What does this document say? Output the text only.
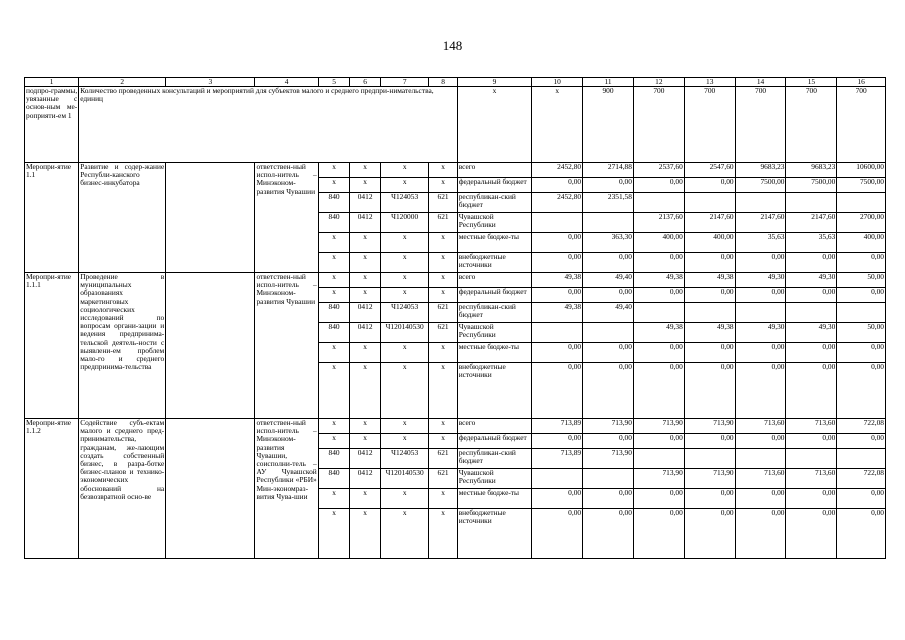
148
1	2	3	4	5	6	7	8	9	10	11	12	13	14	15	16
подпро-граммы, увязанные с основ-ным ме-роприяти-ем 1	Количество проведенных консультаций и мероприятий для субъектов малого и среднего предпри-нимательства, единиц							х	х	900	700	700	700	700	700
Меропри-ятие 1.1	Развитие и содер-жание Республи-канского бизнес-инкубатора		ответствен-ный испол-нитель – Минэконом-развития Чувашии	х	х	х	х	всего	2452,80	2714,88	2537,60	2547,60	9683,23	9683,23	10600,00
				х	х	х	х	федеральный бюджет	0,00	0,00	0,00	0,00	7500,00	7500,00	7500,00
				840	0412	Ч124053	621	республикан-ский бюджет	2452,80	2351,58					
				840	0412	Ч120000	621	Чувашской Республики			2137,60	2147,60	2147,60	2147,60	2700,00
				х	х	х	х	местные бюдже-ты	0,00	363,30	400,00	400,00	35,63	35,63	400,00
				х	х	х	х	внебюджетные источники	0,00	0,00	0,00	0,00	0,00	0,00	0,00
Меропри-ятие 1.1.1	Проведение в муниципальных образованиях маркетинговых социологических исследований по вопросам органи-зации и ведения предпринима-тельской деятель-ности с выявлени-ем проблем мало-го и среднего предпринима-тельства		ответствен-ный испол-нитель – Минэконом-развития Чувашии	х	х	х	х	всего	49,38	49,40	49,38	49,38	49,30	49,30	50,00
				х	х	х	х	федеральный бюджет	0,00	0,00	0,00	0,00	0,00	0,00	0,00
				840	0412	Ч124053	621	республикан-ский бюджет	49,38	49,40					
				840	0412	Ч120140530	621	Чувашской Республики			49,38	49,38	49,30	49,30	50,00
				х	х	х	х	местные бюдже-ты	0,00	0,00	0,00	0,00	0,00	0,00	0,00
				х	х	х	х	внебюджетные источники	0,00	0,00	0,00	0,00	0,00	0,00	0,00
Меропри-ятие 1.1.2	Содействие субъ-ектам малого и среднего пред-принимательства, гражданам, же-лающим создать собственный бизнес, в разра-ботке бизнес-планов и технико-экономических обоснований на безвозвратной осно-ве		ответствен-ный испол-нитель – Минэконом-развития Чувашии, соисполни-тель – АУ Чувашской Республики «РБИ» Мин-экономраз-вития Чува-шии	х	х	х	х	всего	713,89	713,90	713,90	713,90	713,60	713,60	722,08
				х	х	х	х	федеральный бюджет	0,00	0,00	0,00	0,00	0,00	0,00	0,00
				840	0412	Ч124053	621	республикан-ский бюджет	713,89	713,90					
				840	0412	Ч120140530	621	Чувашской Республики			713,90	713,90	713,60	713,60	722,08
				х	х	х	х	местные бюдже-ты	0,00	0,00	0,00	0,00	0,00	0,00	0,00
				х	х	х	х	внебюджетные источники	0,00	0,00	0,00	0,00	0,00	0,00	0,00
